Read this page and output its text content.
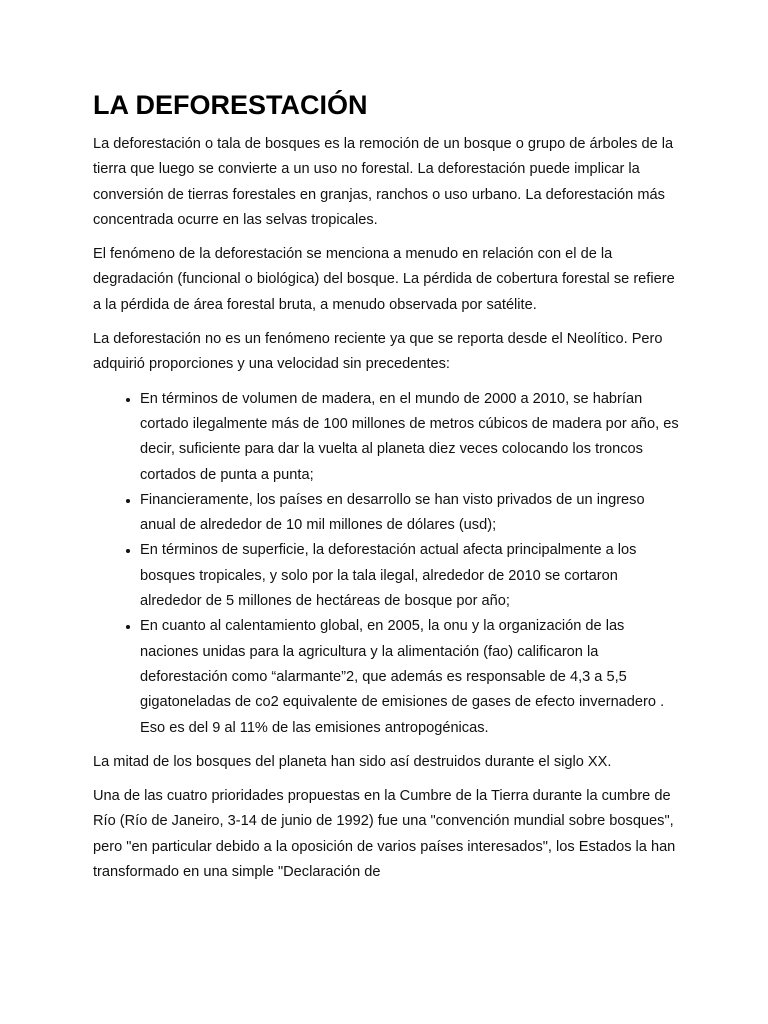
LA DEFORESTACIÓN

La deforestación o tala de bosques es la remoción de un bosque o grupo de árboles de la tierra que luego se convierte a un uso no forestal. La deforestación puede implicar la conversión de tierras forestales en granjas, ranchos o uso urbano. La deforestación más concentrada ocurre en las selvas tropicales.

El fenómeno de la deforestación se menciona a menudo en relación con el de la degradación (funcional o biológica) del bosque. La pérdida de cobertura forestal se refiere a la pérdida de área forestal bruta, a menudo observada por satélite.

La deforestación no es un fenómeno reciente ya que se reporta desde el Neolítico. Pero adquirió proporciones y una velocidad sin precedentes:

• En términos de volumen de madera, en el mundo de 2000 a 2010, se habrían cortado ilegalmente más de 100 millones de metros cúbicos de madera por año, es decir, suficiente para dar la vuelta al planeta diez veces colocando los troncos cortados de punta a punta;
• Financieramente, los países en desarrollo se han visto privados de un ingreso anual de alrededor de 10 mil millones de dólares (usd);
• En términos de superficie, la deforestación actual afecta principalmente a los bosques tropicales, y solo por la tala ilegal, alrededor de 2010 se cortaron alrededor de 5 millones de hectáreas de bosque por año;
• En cuanto al calentamiento global, en 2005, la onu y la organización de las naciones unidas para la agricultura y la alimentación (fao) calificaron la deforestación como “alarmante”2, que además es responsable de 4,3 a 5,5 gigatoneladas de co2 equivalente de emisiones de gases de efecto invernadero . Eso es del 9 al 11% de las emisiones antropogénicas.

La mitad de los bosques del planeta han sido así destruidos durante el siglo XX.

Una de las cuatro prioridades propuestas en la Cumbre de la Tierra durante la cumbre de Río (Río de Janeiro, 3-14 de junio de 1992) fue una "convención mundial sobre bosques", pero "en particular debido a la oposición de varios países interesados", los Estados la han transformado en una simple "Declaración de
